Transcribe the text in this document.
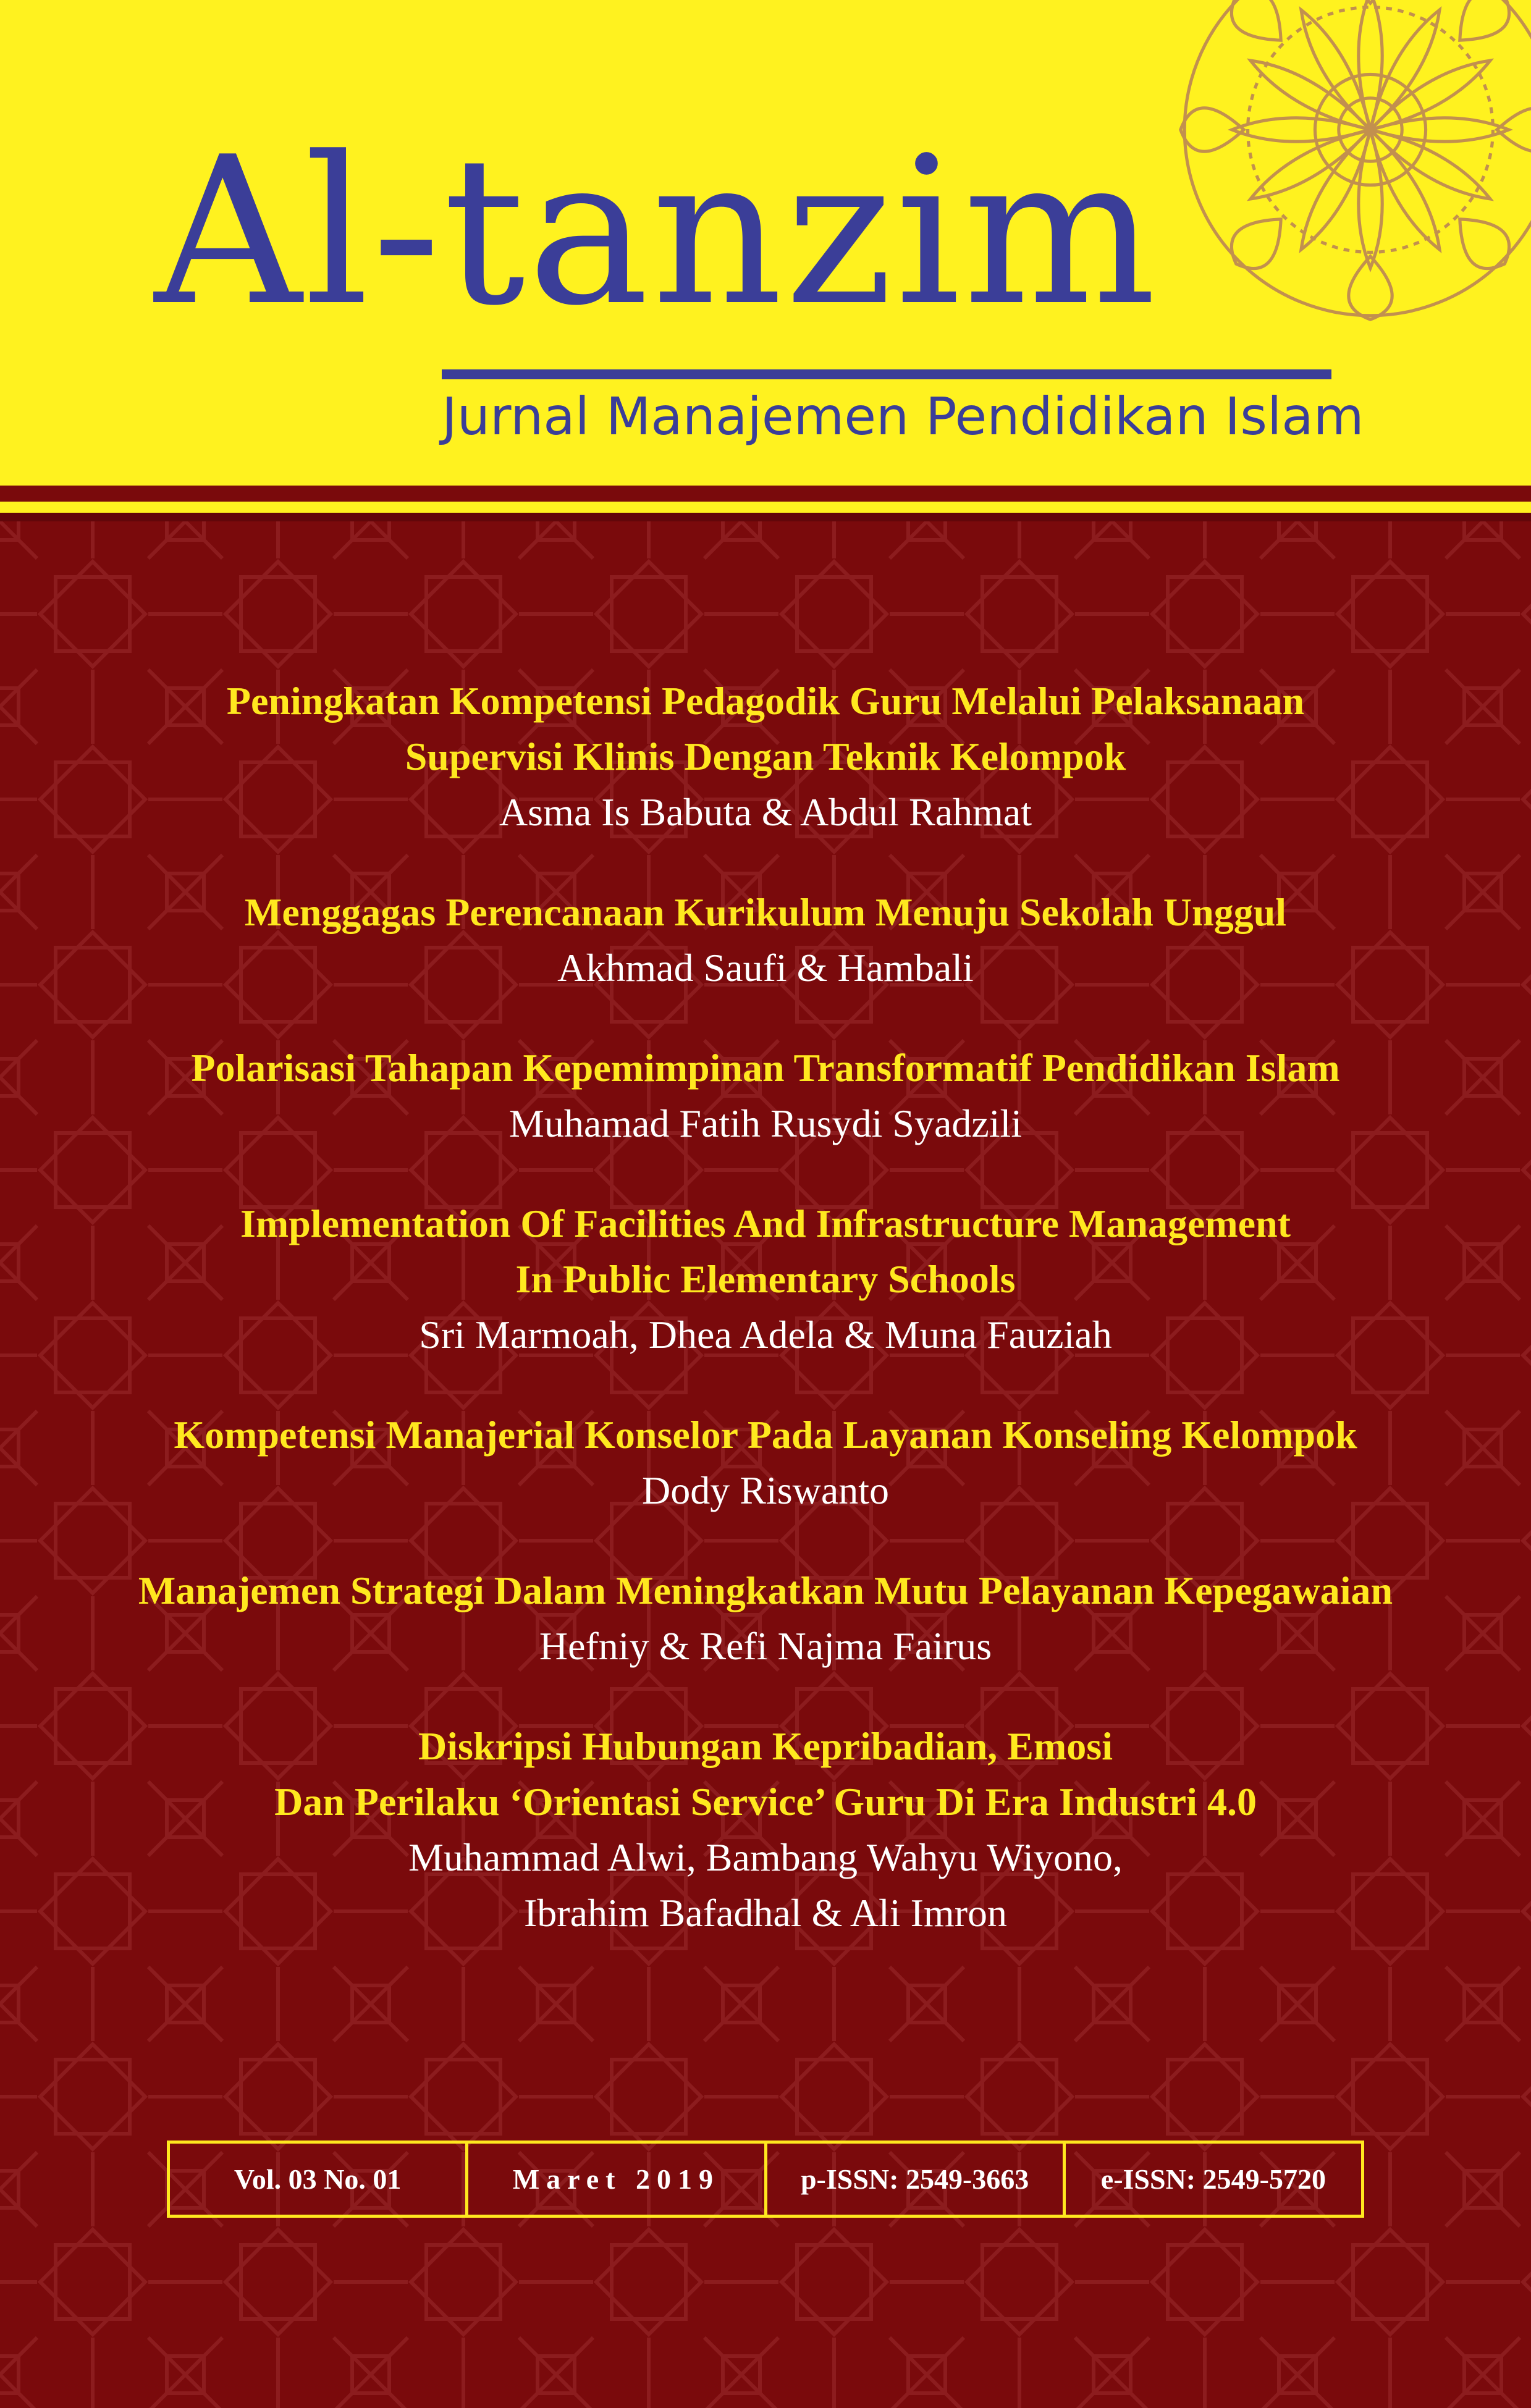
Al-tanzim
Jurnal Manajemen Pendidikan Islam
Peningkatan Kompetensi Pedagodik Guru Melalui Pelaksanaan
Supervisi Klinis Dengan Teknik Kelompok
Asma Is Babuta & Abdul Rahmat
Menggagas Perencanaan Kurikulum Menuju Sekolah Unggul
Akhmad Saufi & Hambali
Polarisasi Tahapan Kepemimpinan Transformatif Pendidikan Islam
Muhamad Fatih Rusydi Syadzili
Implementation Of Facilities And Infrastructure Management
In Public Elementary Schools
Sri Marmoah, Dhea Adela & Muna Fauziah
Kompetensi Manajerial Konselor Pada Layanan Konseling Kelompok
Dody Riswanto
Manajemen Strategi Dalam Meningkatkan Mutu Pelayanan Kepegawaian
Hefniy & Refi Najma Fairus
Diskripsi Hubungan Kepribadian, Emosi
Dan Perilaku ‘Orientasi Service’ Guru Di Era Industri 4.0
Muhammad Alwi, Bambang Wahyu Wiyono,
Ibrahim Bafadhal & Ali Imron
Vol. 03 No. 01	Maret 2019	p-ISSN: 2549-3663	e-ISSN: 2549-5720
